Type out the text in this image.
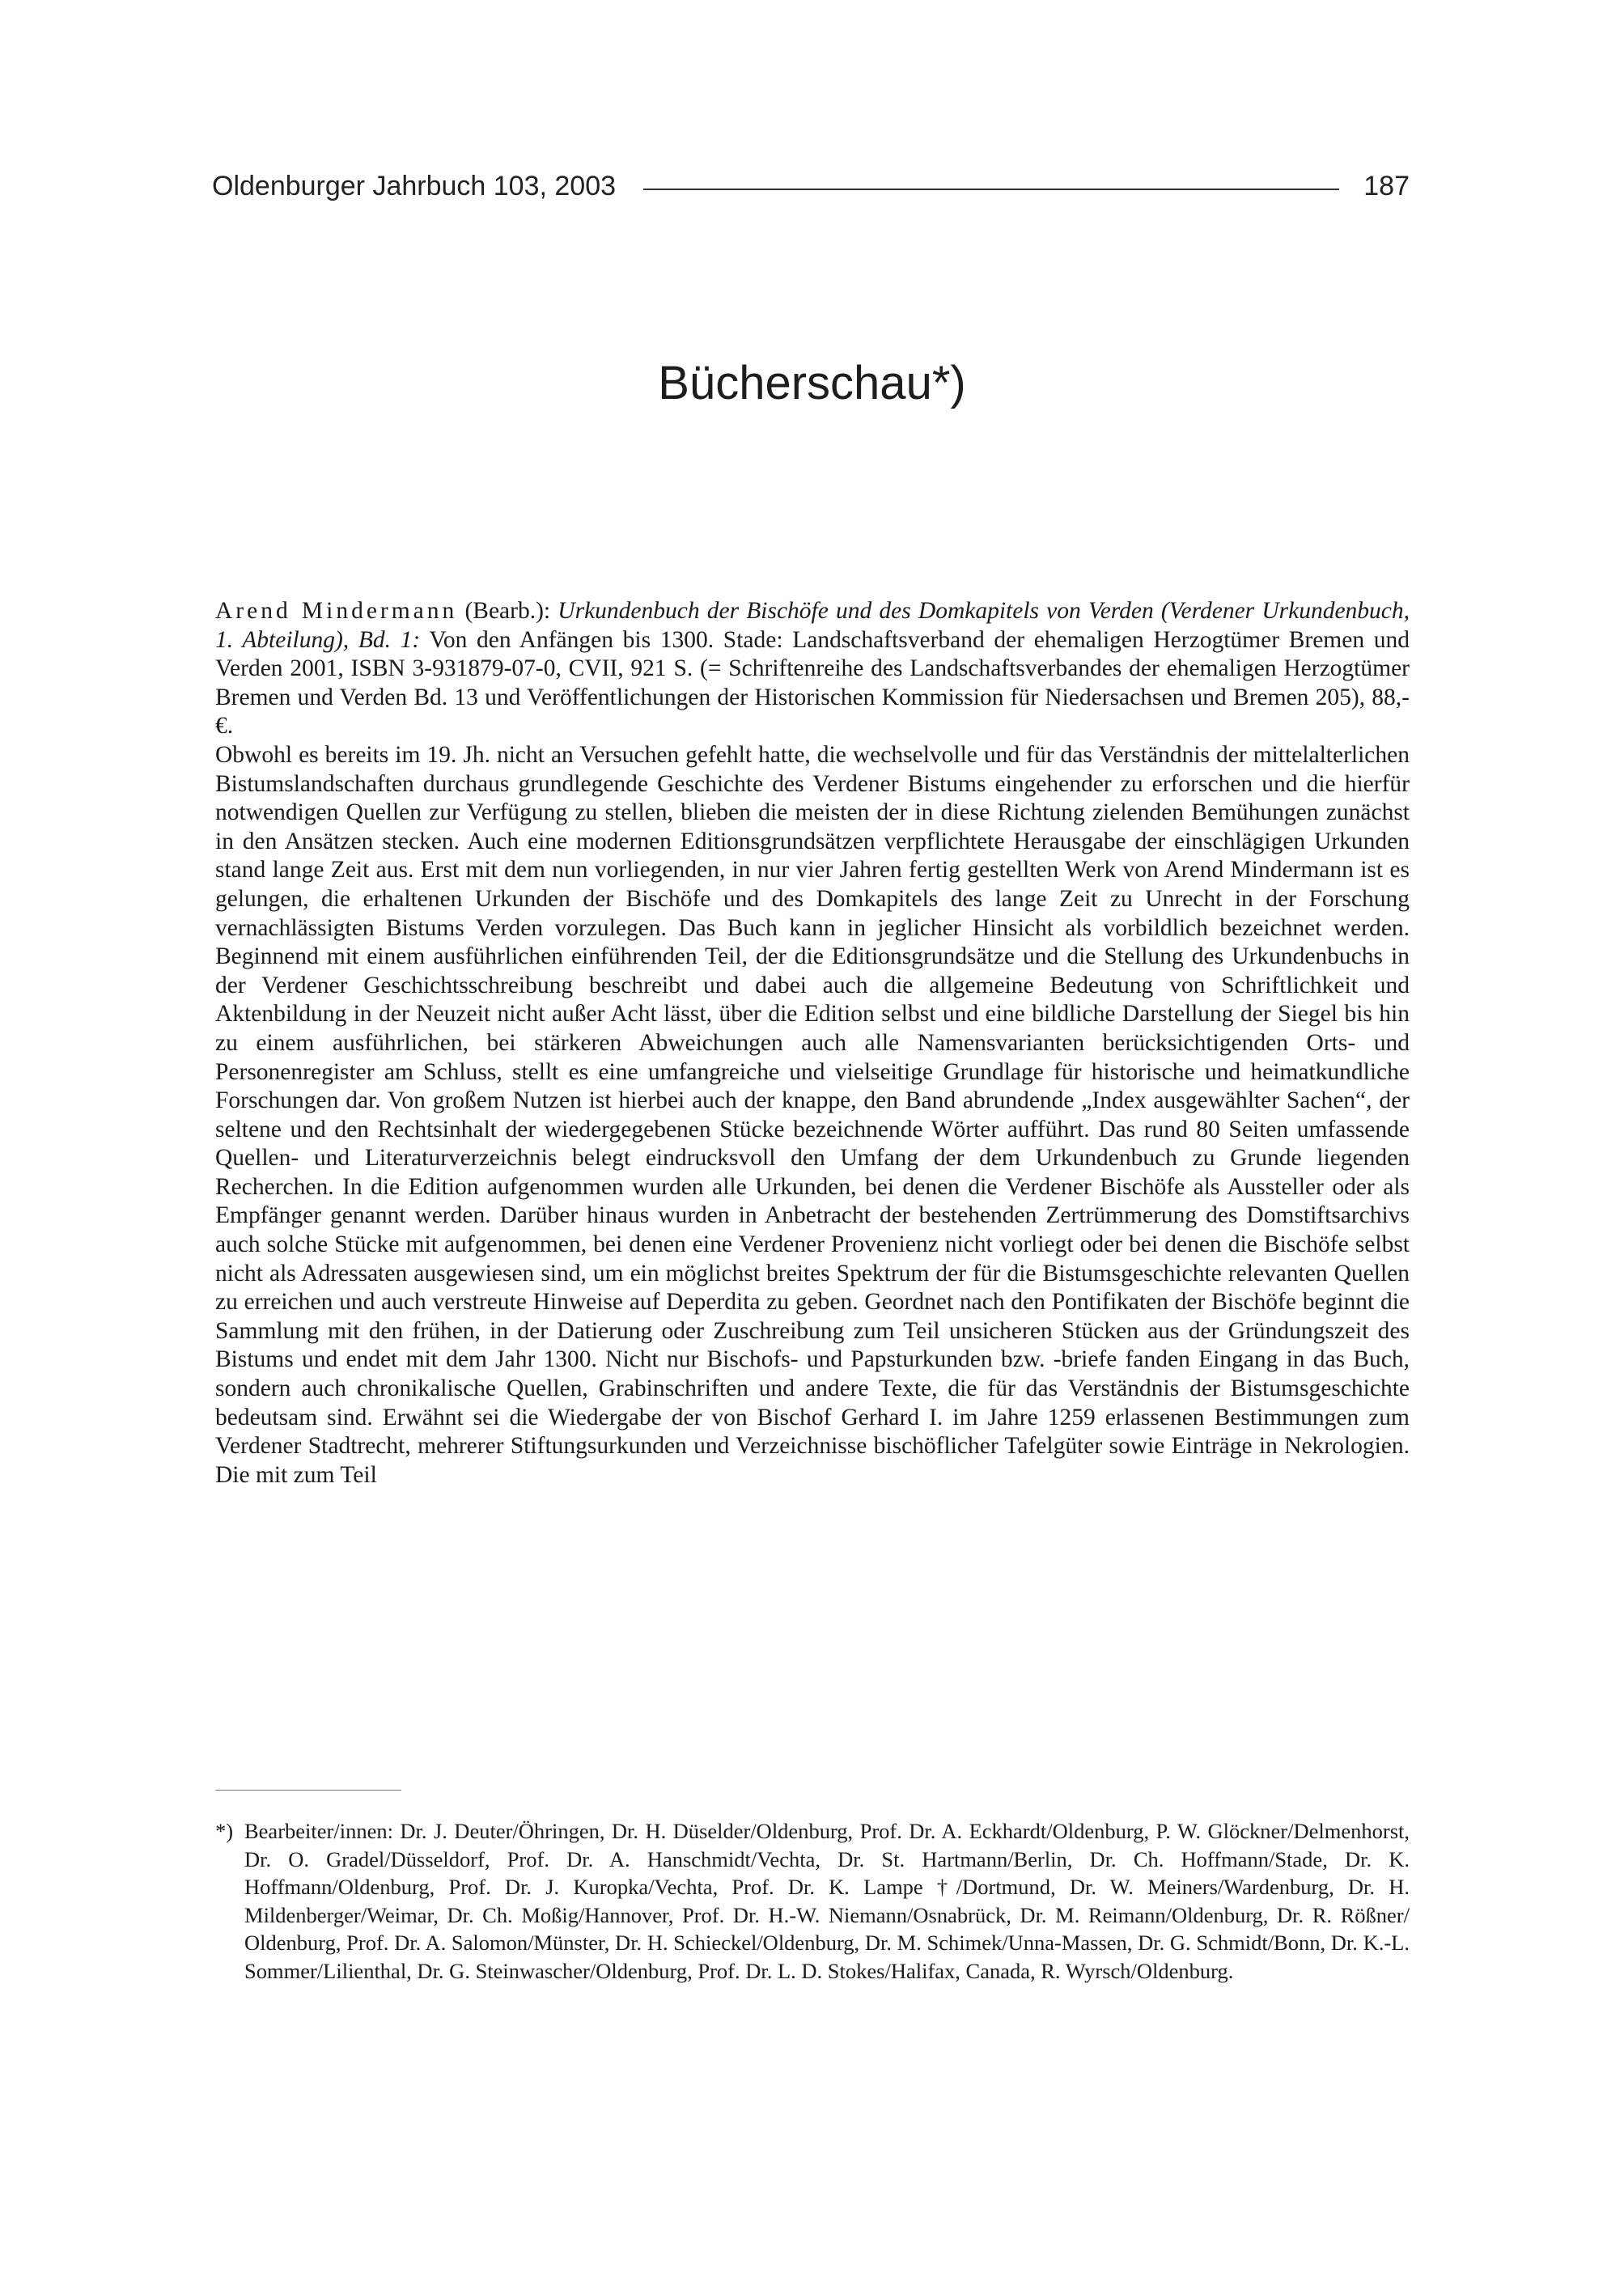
Oldenburger Jahrbuch 103, 2003	187
Bücherschau*)

Arend Mindermann (Bearb.): Urkundenbuch der Bischöfe und des Domkapitels von Verden (Verdener Urkundenbuch, 1. Abteilung), Bd. 1: Von den Anfängen bis 1300. Stade: Landschaftsverband der ehemaligen Herzogtümer Bremen und Verden 2001, ISBN 3-931879-07-0, CVII, 921 S. (= Schriftenreihe des Landschaftsverbandes der ehemaligen Herzogtümer Bremen und Verden Bd. 13 und Veröffentlichungen der Historischen Kommission für Niedersachsen und Bremen 205), 88,- €.

Obwohl es bereits im 19. Jh. nicht an Versuchen gefehlt hatte, die wechselvolle und für das Verständnis der mittelalterlichen Bistumslandschaften durchaus grundlegende Geschichte des Verdener Bistums eingehender zu erforschen und die hierfür notwendigen Quellen zur Verfügung zu stellen, blieben die meisten der in diese Richtung zielenden Bemühungen zunächst in den Ansätzen stecken. Auch eine modernen Editionsgrundsätzen verpflichtete Herausgabe der einschlägigen Urkunden stand lange Zeit aus. Erst mit dem nun vorliegenden, in nur vier Jahren fertig gestellten Werk von Arend Mindermann ist es gelungen, die erhaltenen Urkunden der Bischöfe und des Domkapitels des lange Zeit zu Unrecht in der Forschung vernachlässigten Bistums Verden vorzulegen. Das Buch kann in jeglicher Hinsicht als vorbildlich bezeichnet werden. Beginnend mit einem ausführlichen einführenden Teil, der die Editionsgrundsätze und die Stellung des Urkundenbuchs in der Verdener Geschichtsschreibung beschreibt und dabei auch die allgemeine Bedeutung von Schriftlichkeit und Aktenbildung in der Neuzeit nicht außer Acht lässt, über die Edition selbst und eine bildliche Darstellung der Siegel bis hin zu einem ausführlichen, bei stärkeren Abweichungen auch alle Namensvarianten berücksichtigenden Orts- und Personenregister am Schluss, stellt es eine umfangreiche und vielseitige Grundlage für historische und heimatkundliche Forschungen dar. Von großem Nutzen ist hierbei auch der knappe, den Band abrundende „Index ausgewählter Sachen“, der seltene und den Rechtsinhalt der wiedergegebenen Stücke bezeichnende Wörter aufführt. Das rund 80 Seiten umfassende Quellen- und Literaturverzeichnis belegt eindrucksvoll den Umfang der dem Urkundenbuch zu Grunde liegenden Recherchen. In die Edition aufgenommen wurden alle Urkunden, bei denen die Verdener Bischöfe als Aussteller oder als Empfänger genannt werden. Darüber hinaus wurden in Anbetracht der bestehenden Zertrümmerung des Domstiftsarchivs auch solche Stücke mit aufgenommen, bei denen eine Verdener Provenienz nicht vorliegt oder bei denen die Bischöfe selbst nicht als Adressaten ausgewiesen sind, um ein möglichst breites Spektrum der für die Bistumsgeschichte relevanten Quellen zu erreichen und auch verstreute Hinweise auf Deperdita zu geben. Geordnet nach den Pontifikaten der Bischöfe beginnt die Sammlung mit den frühen, in der Datierung oder Zuschreibung zum Teil unsicheren Stücken aus der Gründungszeit des Bistums und endet mit dem Jahr 1300. Nicht nur Bischofs- und Papsturkunden bzw. -briefe fanden Eingang in das Buch, sondern auch chronikalische Quellen, Grabinschriften und andere Texte, die für das Verständnis der Bistumsgeschichte bedeutsam sind. Erwähnt sei die Wiedergabe der von Bischof Gerhard I. im Jahre 1259 erlassenen Bestimmungen zum Verdener Stadtrecht, mehrerer Stiftungsurkunden und Verzeichnisse bischöflicher Tafelgüter sowie Einträge in Nekrologien. Die mit zum Teil

*) Bearbeiter/innen: Dr. J. Deuter/Öhringen, Dr. H. Düselder/Oldenburg, Prof. Dr. A. Eckhardt/Oldenburg, P. W. Glöckner/Delmenhorst, Dr. O. Gradel/Düsseldorf, Prof. Dr. A. Hanschmidt/Vechta, Dr. St. Hartmann/Berlin, Dr. Ch. Hoffmann/Stade, Dr. K. Hoffmann/Oldenburg, Prof. Dr. J. Kuropka/Vechta, Prof. Dr. K. Lampe †/Dortmund, Dr. W. Meiners/Wardenburg, Dr. H. Mildenberger/Weimar, Dr. Ch. Moßig/Hannover, Prof. Dr. H.-W. Niemann/Osnabrück, Dr. M. Reimann/Oldenburg, Dr. R. Rößner/ Oldenburg, Prof. Dr. A. Salomon/Münster, Dr. H. Schieckel/Oldenburg, Dr. M. Schimek/Unna-Massen, Dr. G. Schmidt/Bonn, Dr. K.-L. Sommer/Lilienthal, Dr. G. Steinwascher/Oldenburg, Prof. Dr. L. D. Stokes/Halifax, Canada, R. Wyrsch/Oldenburg.
